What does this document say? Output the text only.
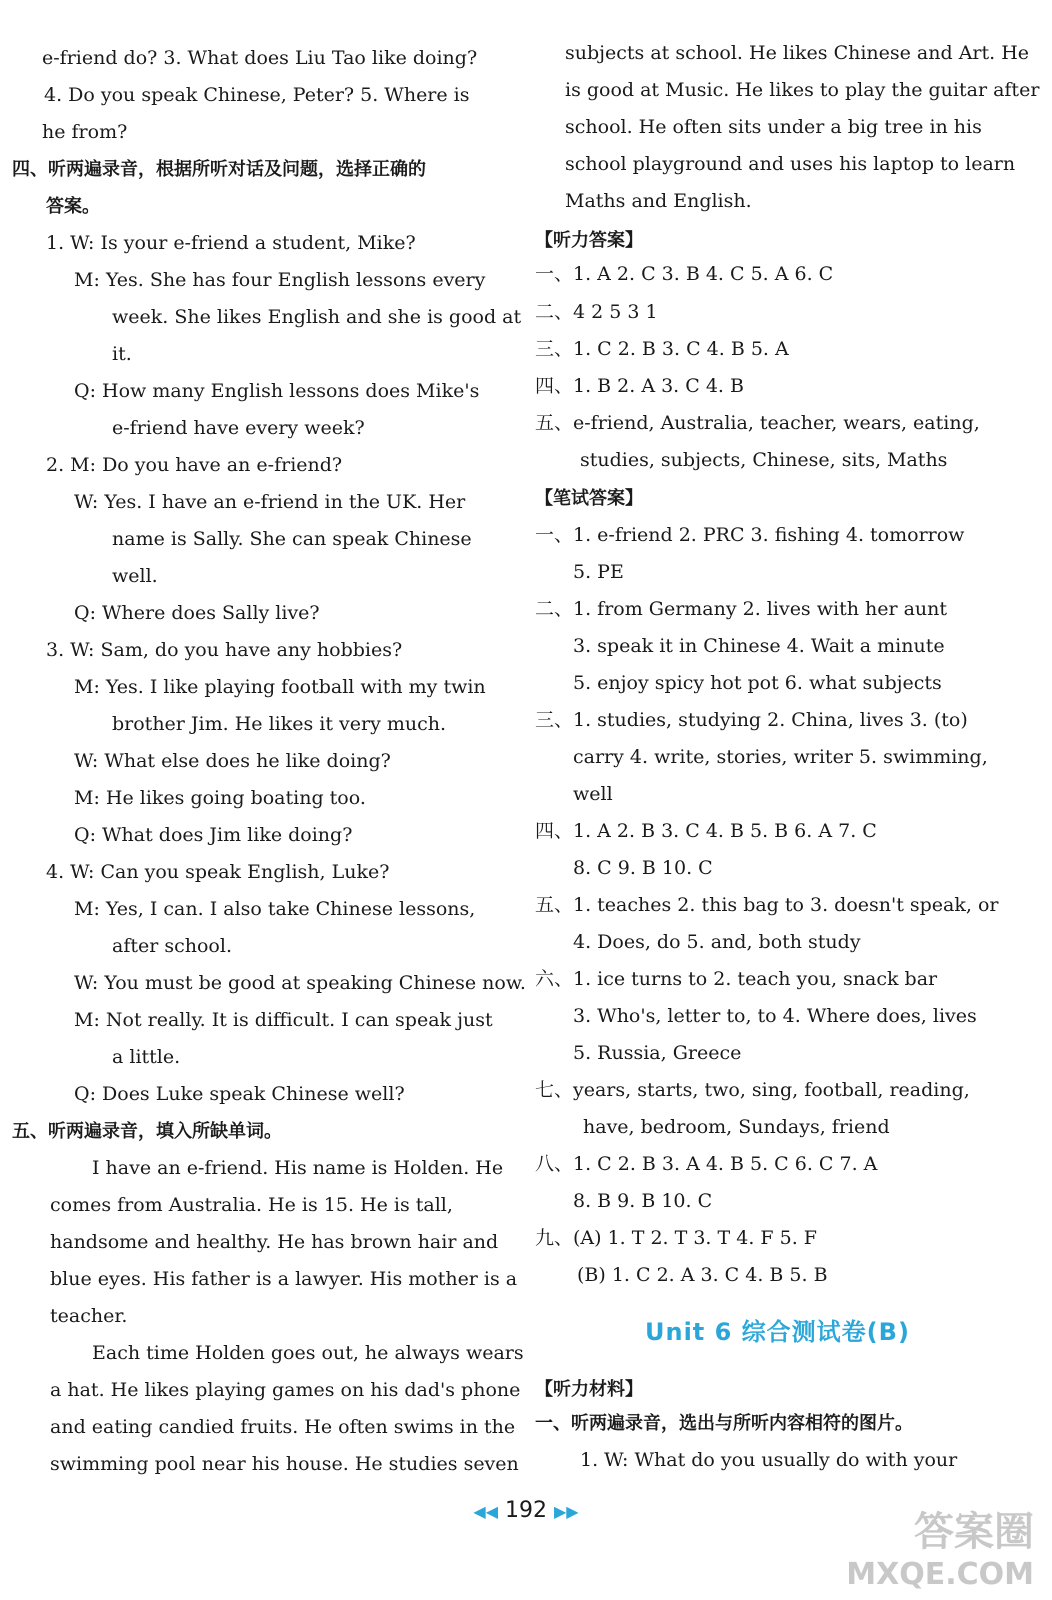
e-friend do? 3. What does Liu Tao like doing?
4. Do you speak Chinese, Peter? 5. Where is
he from?
四、听两遍录音，根据所听对话及问题，选择正确的
答案。
1. W: Is your e-friend a student, Mike?
M: Yes. She has four English lessons every
week. She likes English and she is good at
it.
Q: How many English lessons does Mike's
e-friend have every week?
2. M: Do you have an e-friend?
W: Yes. I have an e-friend in the UK. Her
name is Sally. She can speak Chinese
well.
Q: Where does Sally live?
3. W: Sam, do you have any hobbies?
M: Yes. I like playing football with my twin
brother Jim. He likes it very much.
W: What else does he like doing?
M: He likes going boating too.
Q: What does Jim like doing?
4. W: Can you speak English, Luke?
M: Yes, I can. I also take Chinese lessons,
after school.
W: You must be good at speaking Chinese now.
M: Not really. It is difficult. I can speak just
a little.
Q: Does Luke speak Chinese well?
五、听两遍录音，填入所缺单词。
I have an e-friend. His name is Holden. He
comes from Australia. He is 15. He is tall,
handsome and healthy. He has brown hair and
blue eyes. His father is a lawyer. His mother is a
teacher.
Each time Holden goes out, he always wears
a hat. He likes playing games on his dad's phone
and eating candied fruits. He often swims in the
swimming pool near his house. He studies seven
subjects at school. He likes Chinese and Art. He
is good at Music. He likes to play the guitar after
school. He often sits under a big tree in his
school playground and uses his laptop to learn
Maths and English.
【听力答案】
一、1. A 2. C 3. B 4. C 5. A 6. C
二、4 2 5 3 1
三、1. C 2. B 3. C 4. B 5. A
四、1. B 2. A 3. C 4. B
五、e-friend, Australia, teacher, wears, eating,
studies, subjects, Chinese, sits, Maths
【笔试答案】
一、1. e-friend 2. PRC 3. fishing 4. tomorrow
5. PE
二、1. from Germany 2. lives with her aunt
3. speak it in Chinese 4. Wait a minute
5. enjoy spicy hot pot 6. what subjects
三、1. studies, studying 2. China, lives 3. (to)
carry 4. write, stories, writer 5. swimming,
well
四、1. A 2. B 3. C 4. B 5. B 6. A 7. C
8. C 9. B 10. C
五、1. teaches 2. this bag to 3. doesn't speak, or
4. Does, do 5. and, both study
六、1. ice turns to 2. teach you, snack bar
3. Who's, letter to, to 4. Where does, lives
5. Russia, Greece
七、years, starts, two, sing, football, reading,
have, bedroom, Sundays, friend
八、1. C 2. B 3. A 4. B 5. C 6. C 7. A
8. B 9. B 10. C
九、(A) 1. T 2. T 3. T 4. F 5. F
(B) 1. C 2. A 3. C 4. B 5. B
【听力材料】
一、听两遍录音，选出与所听内容相符的图片。
1. W: What do you usually do with your
Unit 6 综合测试卷(B)
◀◀ 192 ▶▶	答案圈
MXQE.COM
